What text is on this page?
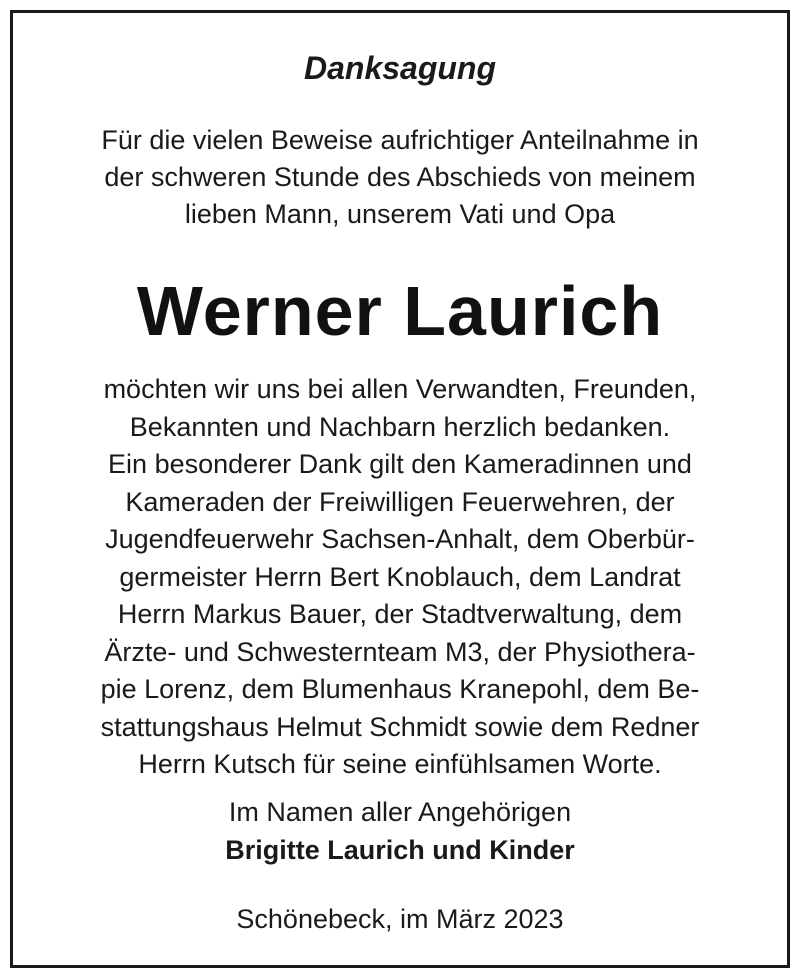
Danksagung

Für die vielen Beweise aufrichtiger Anteilnahme in
der schweren Stunde des Abschieds von meinem
lieben Mann, unserem Vati und Opa

Werner Laurich

möchten wir uns bei allen Verwandten, Freunden,
Bekannten und Nachbarn herzlich bedanken.
Ein besonderer Dank gilt den Kameradinnen und
Kameraden der Freiwilligen Feuerwehren, der
Jugendfeuerwehr Sachsen-Anhalt, dem Oberbür-
germeister Herrn Bert Knoblauch, dem Landrat
Herrn Markus Bauer, der Stadtverwaltung, dem
Ärzte- und Schwesternteam M3, der Physiothera-
pie Lorenz, dem Blumenhaus Kranepohl, dem Be-
stattungshaus Helmut Schmidt sowie dem Redner
Herrn Kutsch für seine einfühlsamen Worte.

Im Namen aller Angehörigen
Brigitte Laurich und Kinder

Schönebeck, im März 2023
